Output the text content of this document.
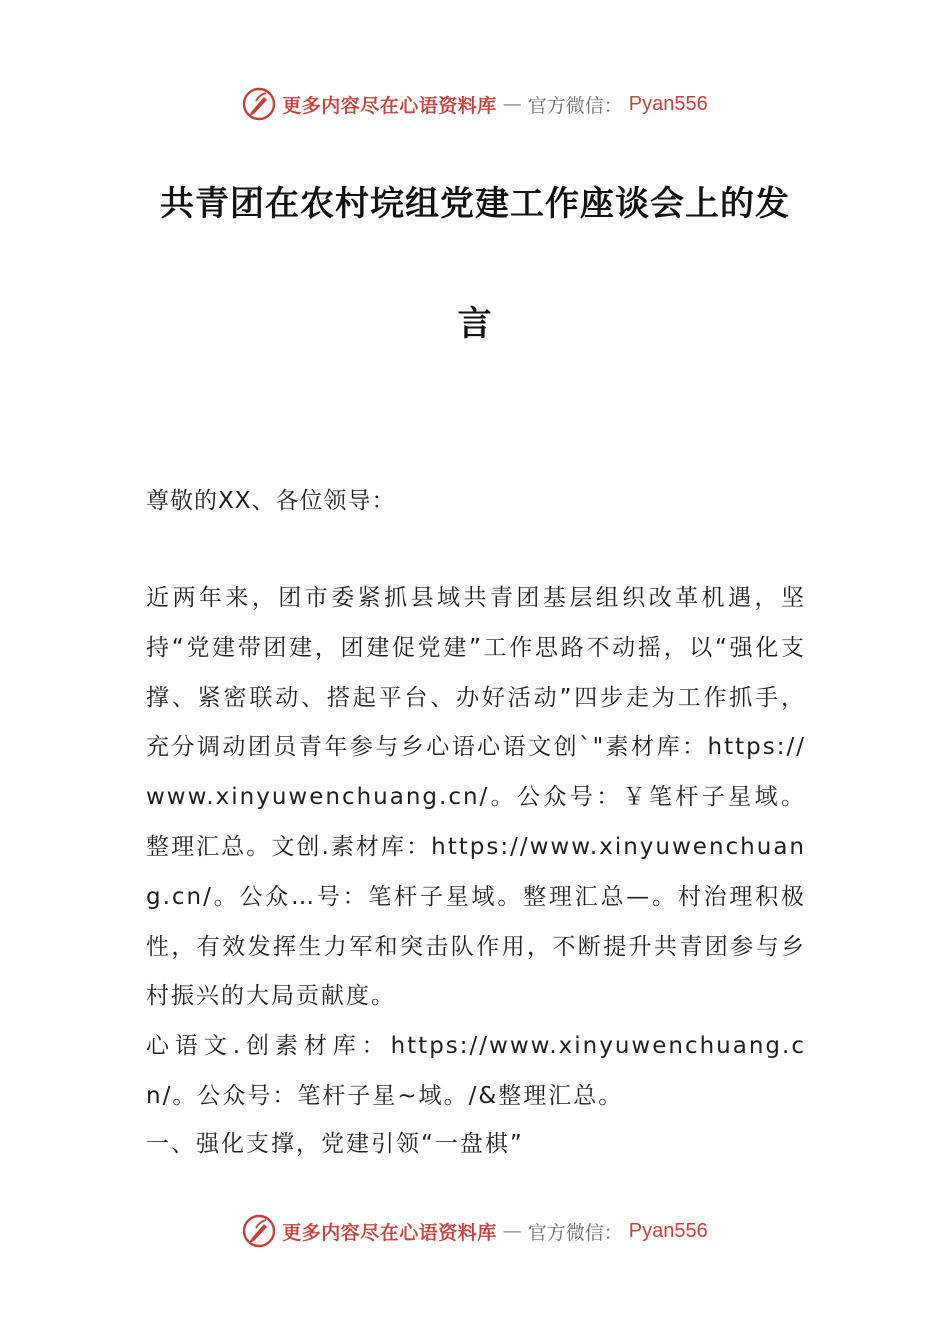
更多内容尽在心语资料库 — 官方微信： Pyan556
共青团在农村垸组党建工作座谈会上的发
言
尊敬的XX、各位领导：

近两年来，团市委紧抓县域共青团基层组织改革机遇，坚持“党建带团建，团建促党建”工作思路不动摇，以“强化支撑、紧密联动、搭起平台、办好活动”四步走为工作抓手，充分调动团员青年参与乡心语心语文创`"素材库：https://www.xinyuwenchuang.cn/。公众号：￥笔杆子星域。整理汇总。文创.素材库：https://www.xinyuwenchuang.cn/。公众…号：笔杆子星域。整理汇总—。村治理积极性，有效发挥生力军和突击队作用，不断提升共青团参与乡村振兴的大局贡献度。

心语文.创素材库：https://www.xinyuwenchuang.cn/。公众号：笔杆子星~域。/&整理汇总。

一、强化支撑，党建引领“一盘棋”

更多内容尽在心语资料库 — 官方微信： Pyan556
